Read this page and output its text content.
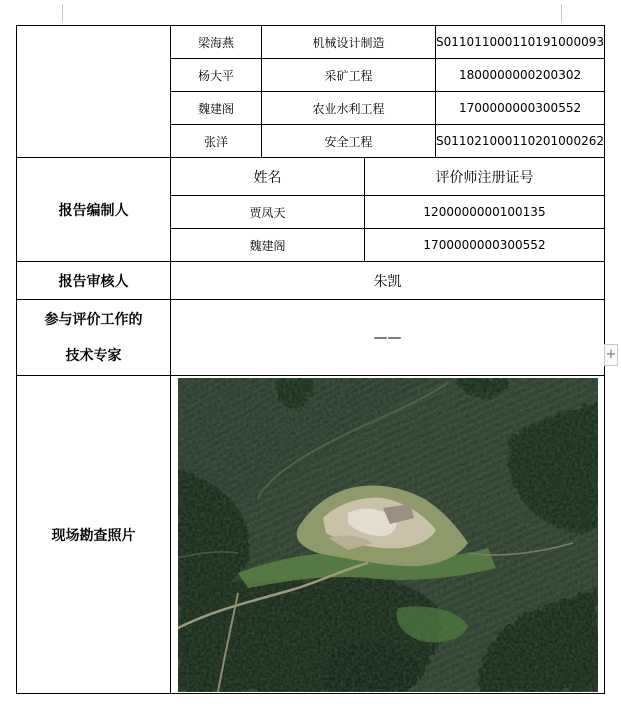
	梁海燕	机械设计制造		S011011000110191000093
	杨大平	采矿工程		1800000000200302
	魏建阁	农业水利工程		1700000000300552
	张洋	安全工程		S011021000110201000262
报告编制人	姓名		评价师注册证号	
	贾凤天		1200000000100135	
	魏建阁		1700000000300552	
报告审核人	朱凯			
参与评价工作的
技术专家	——			
现场勘查照片	
+
